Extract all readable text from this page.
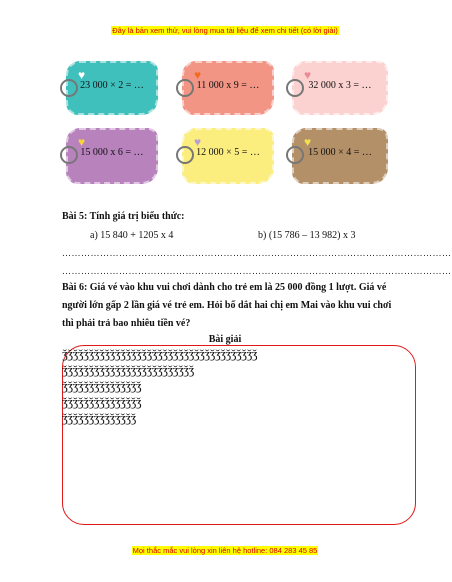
Đây là bản xem thử, vui lòng mua tài liệu để xem chi tiết (có lời giải)
♥
23 000 × 2 = …
♥
11 000 x 9 = …
♥
32 000 x 3 = …
♥
15 000 x 6 = …
♥
12 000 × 5 = …
♥
15 000 × 4 = …
Bài 5: Tính giá trị biểu thức:
a) 15 840 + 1205 x 4	b) (15 786 – 13 982) x 3
……………………………………………………………………………………………………………
……………………………………………………………………………………………………………
Bài 6: Giá vé vào khu vui chơi dành cho trẻ em là 25 000 đồng 1 lượt. Giá vé
người lớn gấp 2 lần giá vé trẻ em. Hỏi bố dắt hai chị em Mai vào khu vui chơi
thì phải trả bao nhiêu tiền vé?
Bài giải
ǯǯǯǯǯǯǯǯǯǯǯǯǯǯǯǯǯǯǯǯǯǯǯǯǯǯǯǯǯǯǯǯǯǯǯǯǯ
ǯǯǯǯǯǯǯǯǯǯǯǯǯǯǯǯǯǯǯǯǯǯǯǯǯ
ǯǯǯǯǯǯǯǯǯǯǯǯǯǯǯ
ǯǯǯǯǯǯǯǯǯǯǯǯǯǯǯ
ǯǯǯǯǯǯǯǯǯǯǯǯǯǯ
Mọi thắc mắc vui lòng xin liên hệ hotline: 084 283 45 85
